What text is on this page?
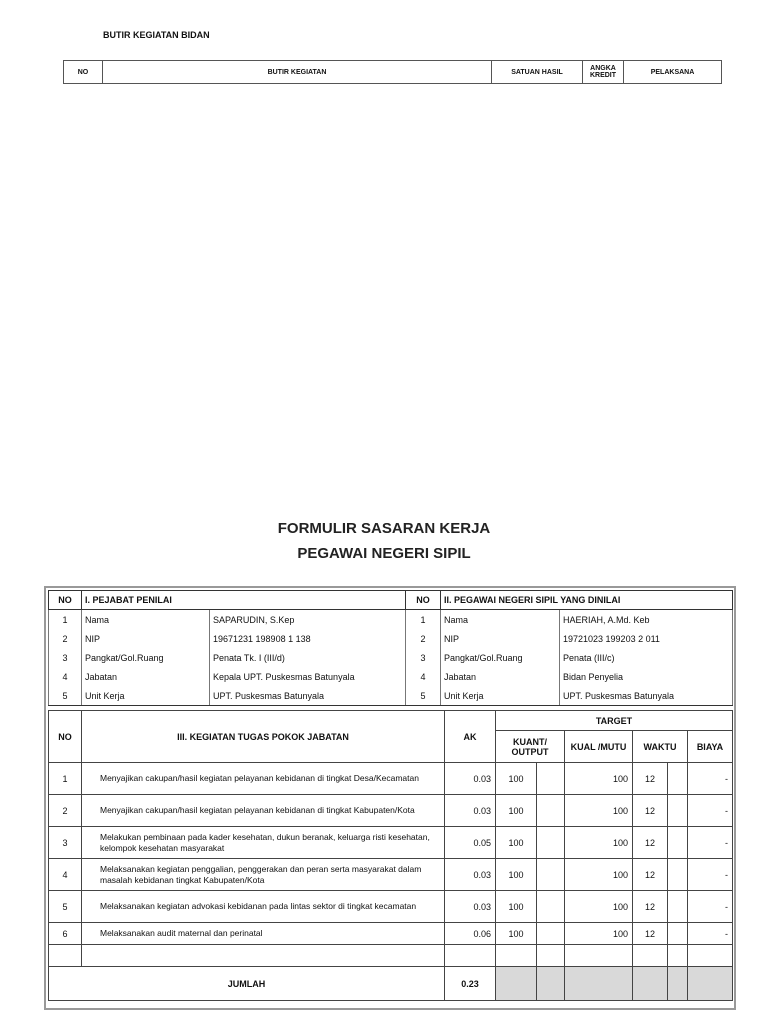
BUTIR KEGIATAN BIDAN
NO	BUTIR KEGIATAN	SATUAN HASIL	ANGKA KREDIT	PELAKSANA
FORMULIR SASARAN KERJA
PEGAWAI NEGERI SIPIL
NO	I. PEJABAT PENILAI		NO	II. PEGAWAI NEGERI SIPIL YANG DINILAI	
1	Nama	SAPARUDIN, S.Kep	1	Nama	HAERIAH, A.Md. Keb
2	NIP	19671231 198908 1 138	2	NIP	19721023 199203 2 011
3	Pangkat/Gol.Ruang	Penata Tk. I (III/d)	3	Pangkat/Gol.Ruang	Penata (III/c)
4	Jabatan	Kepala UPT. Puskesmas Batunyala	4	Jabatan	Bidan Penyelia
5	Unit Kerja	UPT. Puskesmas Batunyala	5	Unit Kerja	UPT. Puskesmas Batunyala
NO	III. KEGIATAN TUGAS POKOK JABATAN	AK	TARGET					
			KUANT/ OUTPUT		KUAL /MUTU	WAKTU		BIAYA
1	Menyajikan cakupan/hasil kegiatan pelayanan kebidanan di tingkat Desa/Kecamatan	0.03	100		100	12		-
2	Menyajikan cakupan/hasil kegiatan pelayanan kebidanan di tingkat Kabupaten/Kota	0.03	100		100	12		-
3	Melakukan pembinaan pada kader kesehatan, dukun beranak, keluarga risti kesehatan, kelompok kesehatan masyarakat	0.05	100		100	12		-
4	Melaksanakan kegiatan penggalian, penggerakan dan peran serta masyarakat dalam masalah kebidanan tingkat Kabupaten/Kota	0.03	100		100	12		-
5	Melaksanakan kegiatan advokasi kebidanan pada lintas sektor di tingkat kecamatan	0.03	100		100	12		-
6	Melaksanakan audit maternal dan perinatal	0.06	100		100	12		-

JUMLAH		0.23						
